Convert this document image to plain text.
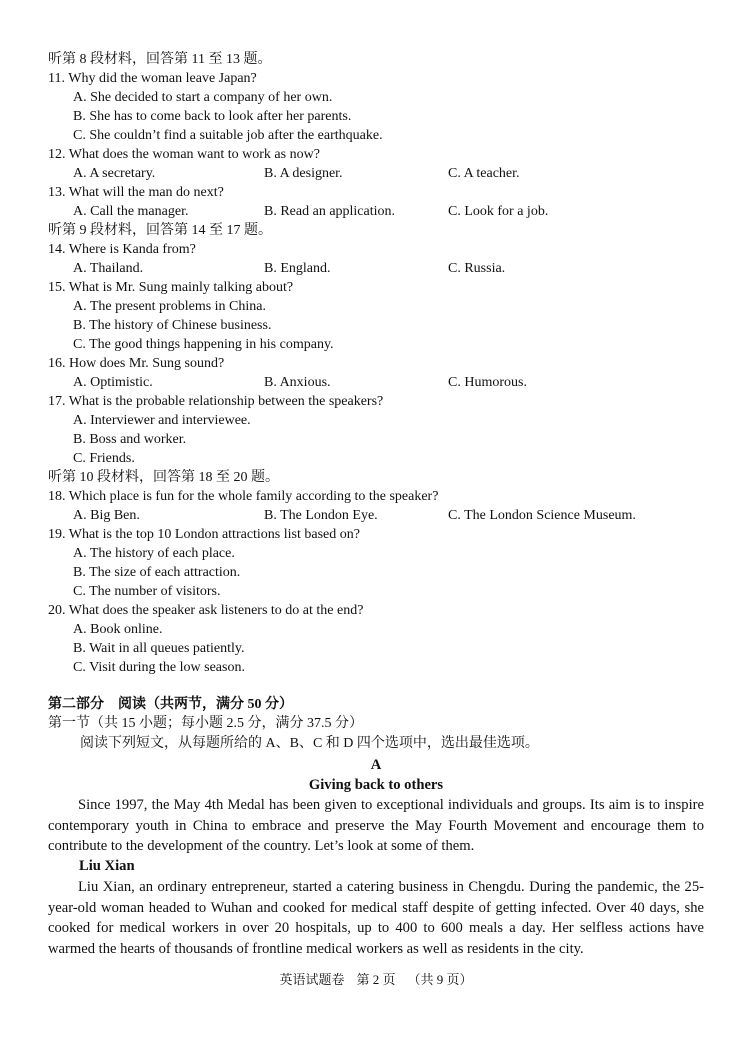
听第 8 段材料，回答第 11 至 13 题。
11. Why did the woman leave Japan?
A. She decided to start a company of her own.
B. She has to come back to look after her parents.
C. She couldn’t find a suitable job after the earthquake.
12. What does the woman want to work as now?
A. A secretary.	B. A designer.	C. A teacher.
13. What will the man do next?
A. Call the manager.	B. Read an application.	C. Look for a job.
听第 9 段材料，回答第 14 至 17 题。
14. Where is Kanda from?
A. Thailand.	B. England.	C. Russia.
15. What is Mr. Sung mainly talking about?
A. The present problems in China.
B. The history of Chinese business.
C. The good things happening in his company.
16. How does Mr. Sung sound?
A. Optimistic.	B. Anxious.	C. Humorous.
17. What is the probable relationship between the speakers?
A. Interviewer and interviewee.
B. Boss and worker.
C. Friends.
听第 10 段材料，回答第 18 至 20 题。
18. Which place is fun for the whole family according to the speaker?
A. Big Ben.	B. The London Eye.	C. The London Science Museum.
19. What is the top 10 London attractions list based on?
A. The history of each place.
B. The size of each attraction.
C. The number of visitors.
20. What does the speaker ask listeners to do at the end?
A. Book online.
B. Wait in all queues patiently.
C. Visit during the low season.
第二部分　阅读（共两节，满分 50 分）
第一节（共 15 小题；每小题 2.5 分，满分 37.5 分）
阅读下列短文，从每题所给的 A、B、C 和 D 四个选项中，选出最佳选项。
A
Giving back to others
Since 1997, the May 4th Medal has been given to exceptional individuals and groups. Its aim is to inspire contemporary youth in China to embrace and preserve the May Fourth Movement and encourage them to contribute to the development of the country. Let’s look at some of them.
Liu Xian
Liu Xian, an ordinary entrepreneur, started a catering business in Chengdu. During the pandemic, the 25-year-old woman headed to Wuhan and cooked for medical staff despite of getting infected. Over 40 days, she cooked for medical workers in over 20 hospitals, up to 400 to 600 meals a day. Her selfless actions have warmed the hearts of thousands of frontline medical workers as well as residents in the city.
英语试题卷 第 2 页 （共 9 页）
